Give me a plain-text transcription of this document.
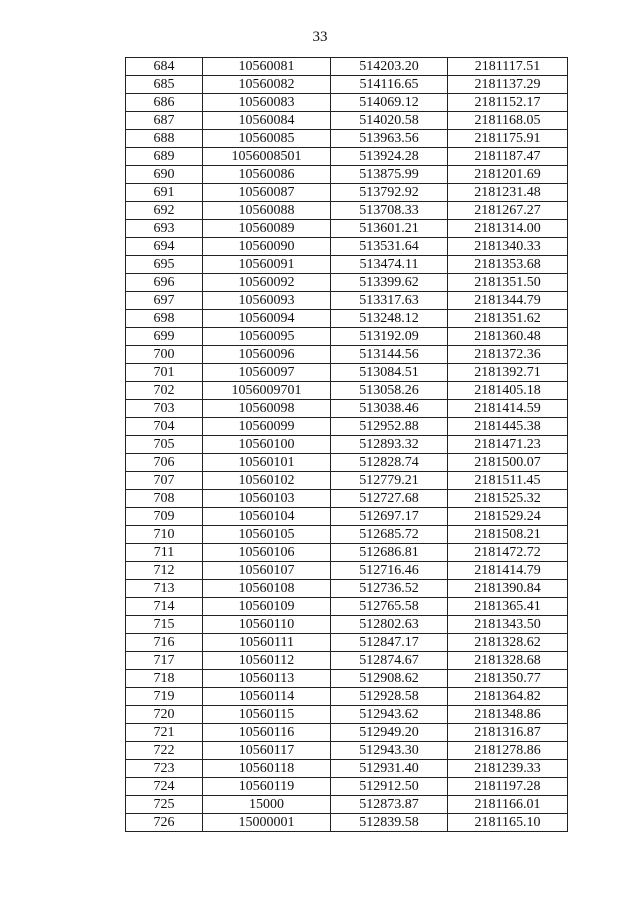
33
684	10560081	514203.20	2181117.51
685	10560082	514116.65	2181137.29
686	10560083	514069.12	2181152.17
687	10560084	514020.58	2181168.05
688	10560085	513963.56	2181175.91
689	1056008501	513924.28	2181187.47
690	10560086	513875.99	2181201.69
691	10560087	513792.92	2181231.48
692	10560088	513708.33	2181267.27
693	10560089	513601.21	2181314.00
694	10560090	513531.64	2181340.33
695	10560091	513474.11	2181353.68
696	10560092	513399.62	2181351.50
697	10560093	513317.63	2181344.79
698	10560094	513248.12	2181351.62
699	10560095	513192.09	2181360.48
700	10560096	513144.56	2181372.36
701	10560097	513084.51	2181392.71
702	1056009701	513058.26	2181405.18
703	10560098	513038.46	2181414.59
704	10560099	512952.88	2181445.38
705	10560100	512893.32	2181471.23
706	10560101	512828.74	2181500.07
707	10560102	512779.21	2181511.45
708	10560103	512727.68	2181525.32
709	10560104	512697.17	2181529.24
710	10560105	512685.72	2181508.21
711	10560106	512686.81	2181472.72
712	10560107	512716.46	2181414.79
713	10560108	512736.52	2181390.84
714	10560109	512765.58	2181365.41
715	10560110	512802.63	2181343.50
716	10560111	512847.17	2181328.62
717	10560112	512874.67	2181328.68
718	10560113	512908.62	2181350.77
719	10560114	512928.58	2181364.82
720	10560115	512943.62	2181348.86
721	10560116	512949.20	2181316.87
722	10560117	512943.30	2181278.86
723	10560118	512931.40	2181239.33
724	10560119	512912.50	2181197.28
725	15000	512873.87	2181166.01
726	15000001	512839.58	2181165.10
